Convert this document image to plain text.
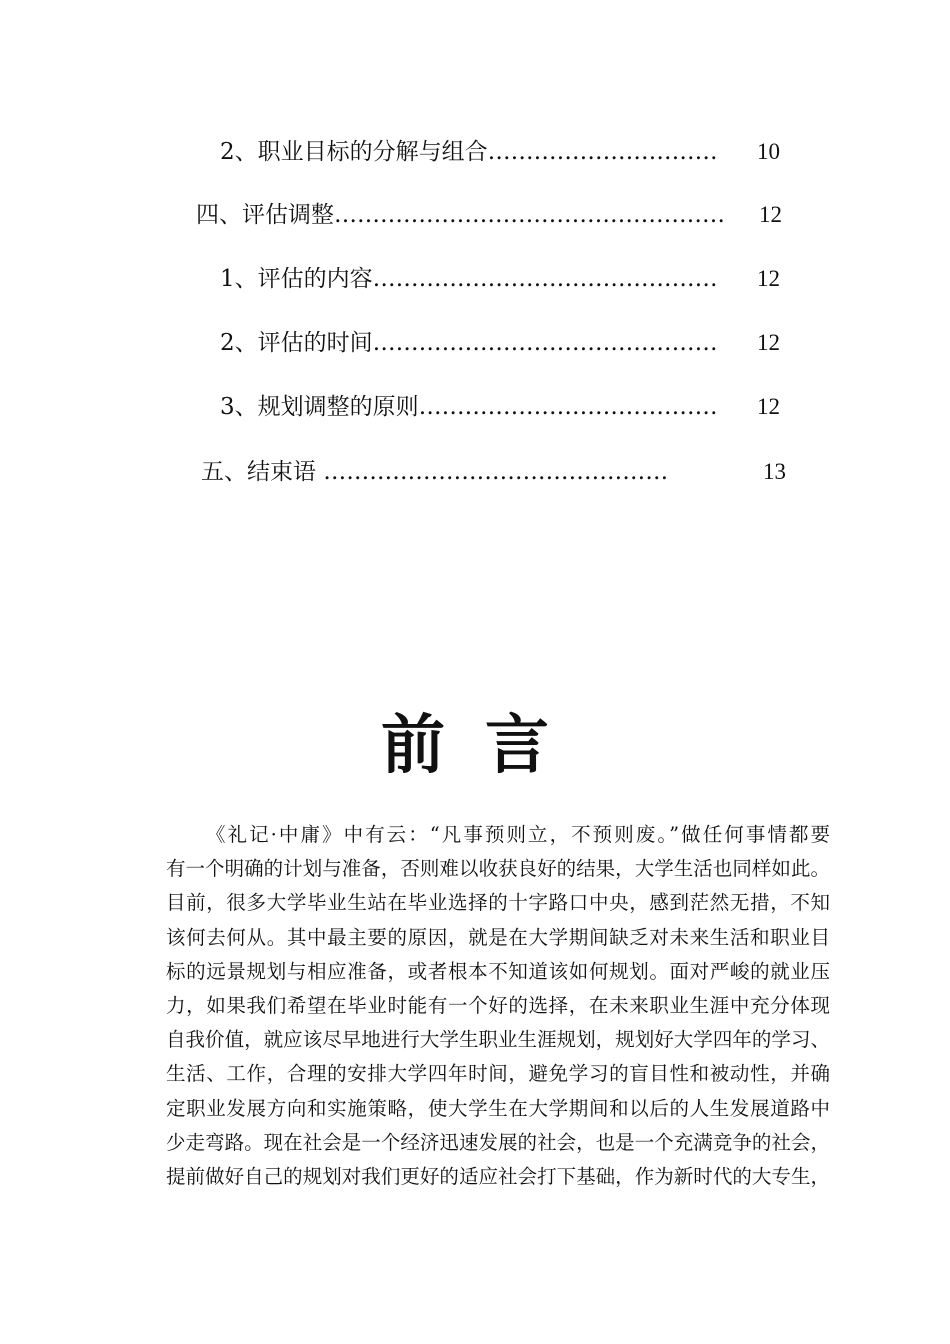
2、职业目标的分解与组合………………………… 10
四、评估调整…………………………………………… 12
1、评估的内容……………………………………… 12
2、评估的时间……………………………………… 12
3、规划调整的原则………………………………… 12
五、结束语 ………………………………………	13
前言
《礼记·中庸》中有云：“凡事预则立，不预则废。”做任何事情都要
有一个明确的计划与准备，否则难以收获良好的结果，大学生活也同样如此。
目前，很多大学毕业生站在毕业选择的十字路口中央，感到茫然无措，不知
该何去何从。其中最主要的原因，就是在大学期间缺乏对未来生活和职业目
标的远景规划与相应准备，或者根本不知道该如何规划。面对严峻的就业压
力，如果我们希望在毕业时能有一个好的选择，在未来职业生涯中充分体现
自我价值，就应该尽早地进行大学生职业生涯规划，规划好大学四年的学习、
生活、工作，合理的安排大学四年时间，避免学习的盲目性和被动性，并确
定职业发展方向和实施策略，使大学生在大学期间和以后的人生发展道路中
少走弯路。现在社会是一个经济迅速发展的社会，也是一个充满竞争的社会，
提前做好自己的规划对我们更好的适应社会打下基础，作为新时代的大专生，
